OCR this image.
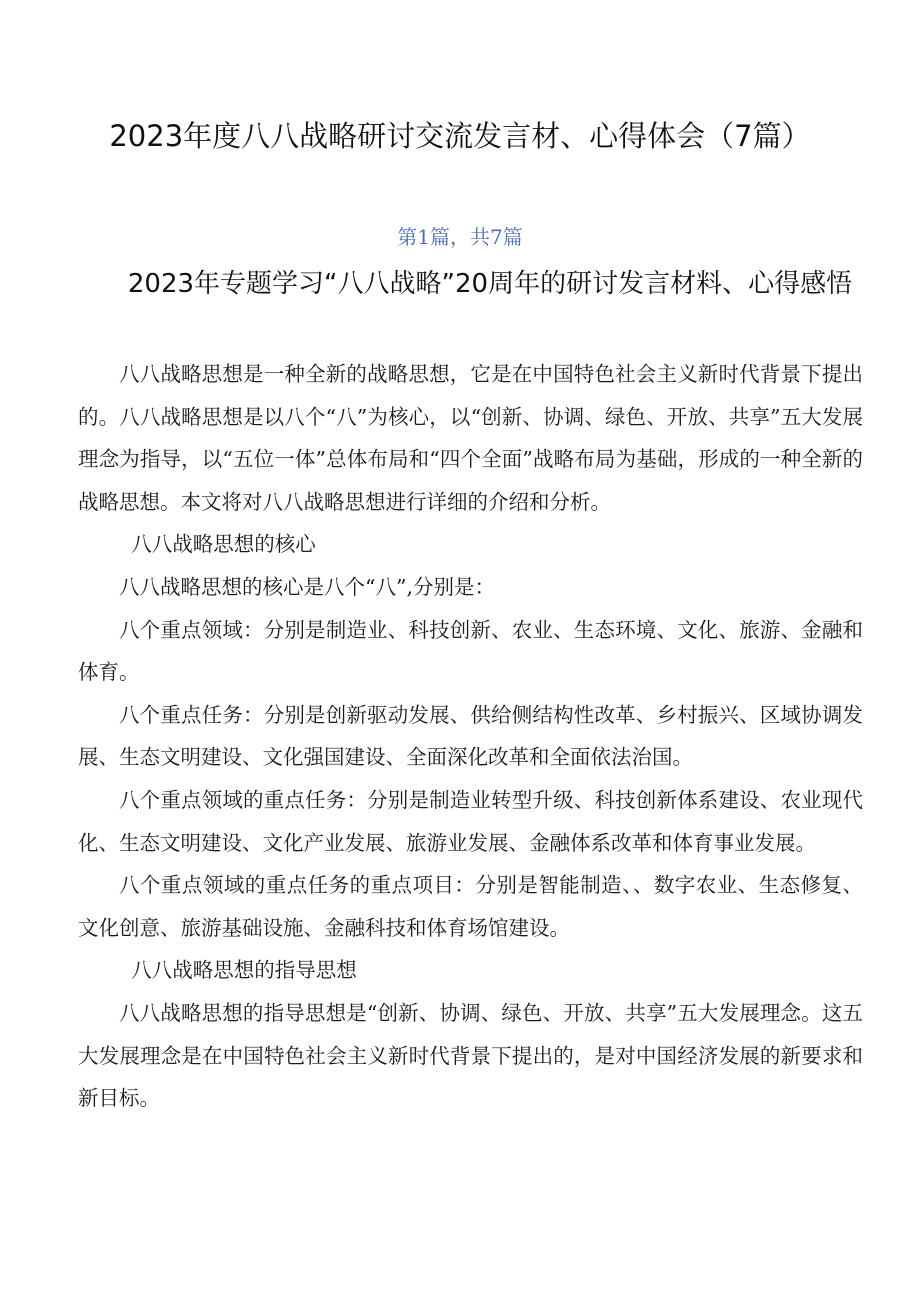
2023年度八八战略研讨交流发言材、心得体会（7篇）
第1篇，共7篇
2023年专题学习“八八战略”20周年的研讨发言材料、心得感悟

八八战略思想是一种全新的战略思想，它是在中国特色社会主义新时代背景下提出的。八八战略思想是以八个“八”为核心，以“创新、协调、绿色、开放、共享”五大发展理念为指导，以“五位一体”总体布局和“四个全面”战略布局为基础，形成的一种全新的战略思想。本文将对八八战略思想进行详细的介绍和分析。

八八战略思想的核心

八八战略思想的核心是八个“八”,分别是：

八个重点领域：分别是制造业、科技创新、农业、生态环境、文化、旅游、金融和体育。

八个重点任务：分别是创新驱动发展、供给侧结构性改革、乡村振兴、区域协调发展、生态文明建设、文化强国建设、全面深化改革和全面依法治国。

八个重点领域的重点任务：分别是制造业转型升级、科技创新体系建设、农业现代化、生态文明建设、文化产业发展、旅游业发展、金融体系改革和体育事业发展。

八个重点领域的重点任务的重点项目：分别是智能制造、、数字农业、生态修复、文化创意、旅游基础设施、金融科技和体育场馆建设。

八八战略思想的指导思想

八八战略思想的指导思想是“创新、协调、绿色、开放、共享”五大发展理念。这五大发展理念是在中国特色社会主义新时代背景下提出的，是对中国经济发展的新要求和新目标。
